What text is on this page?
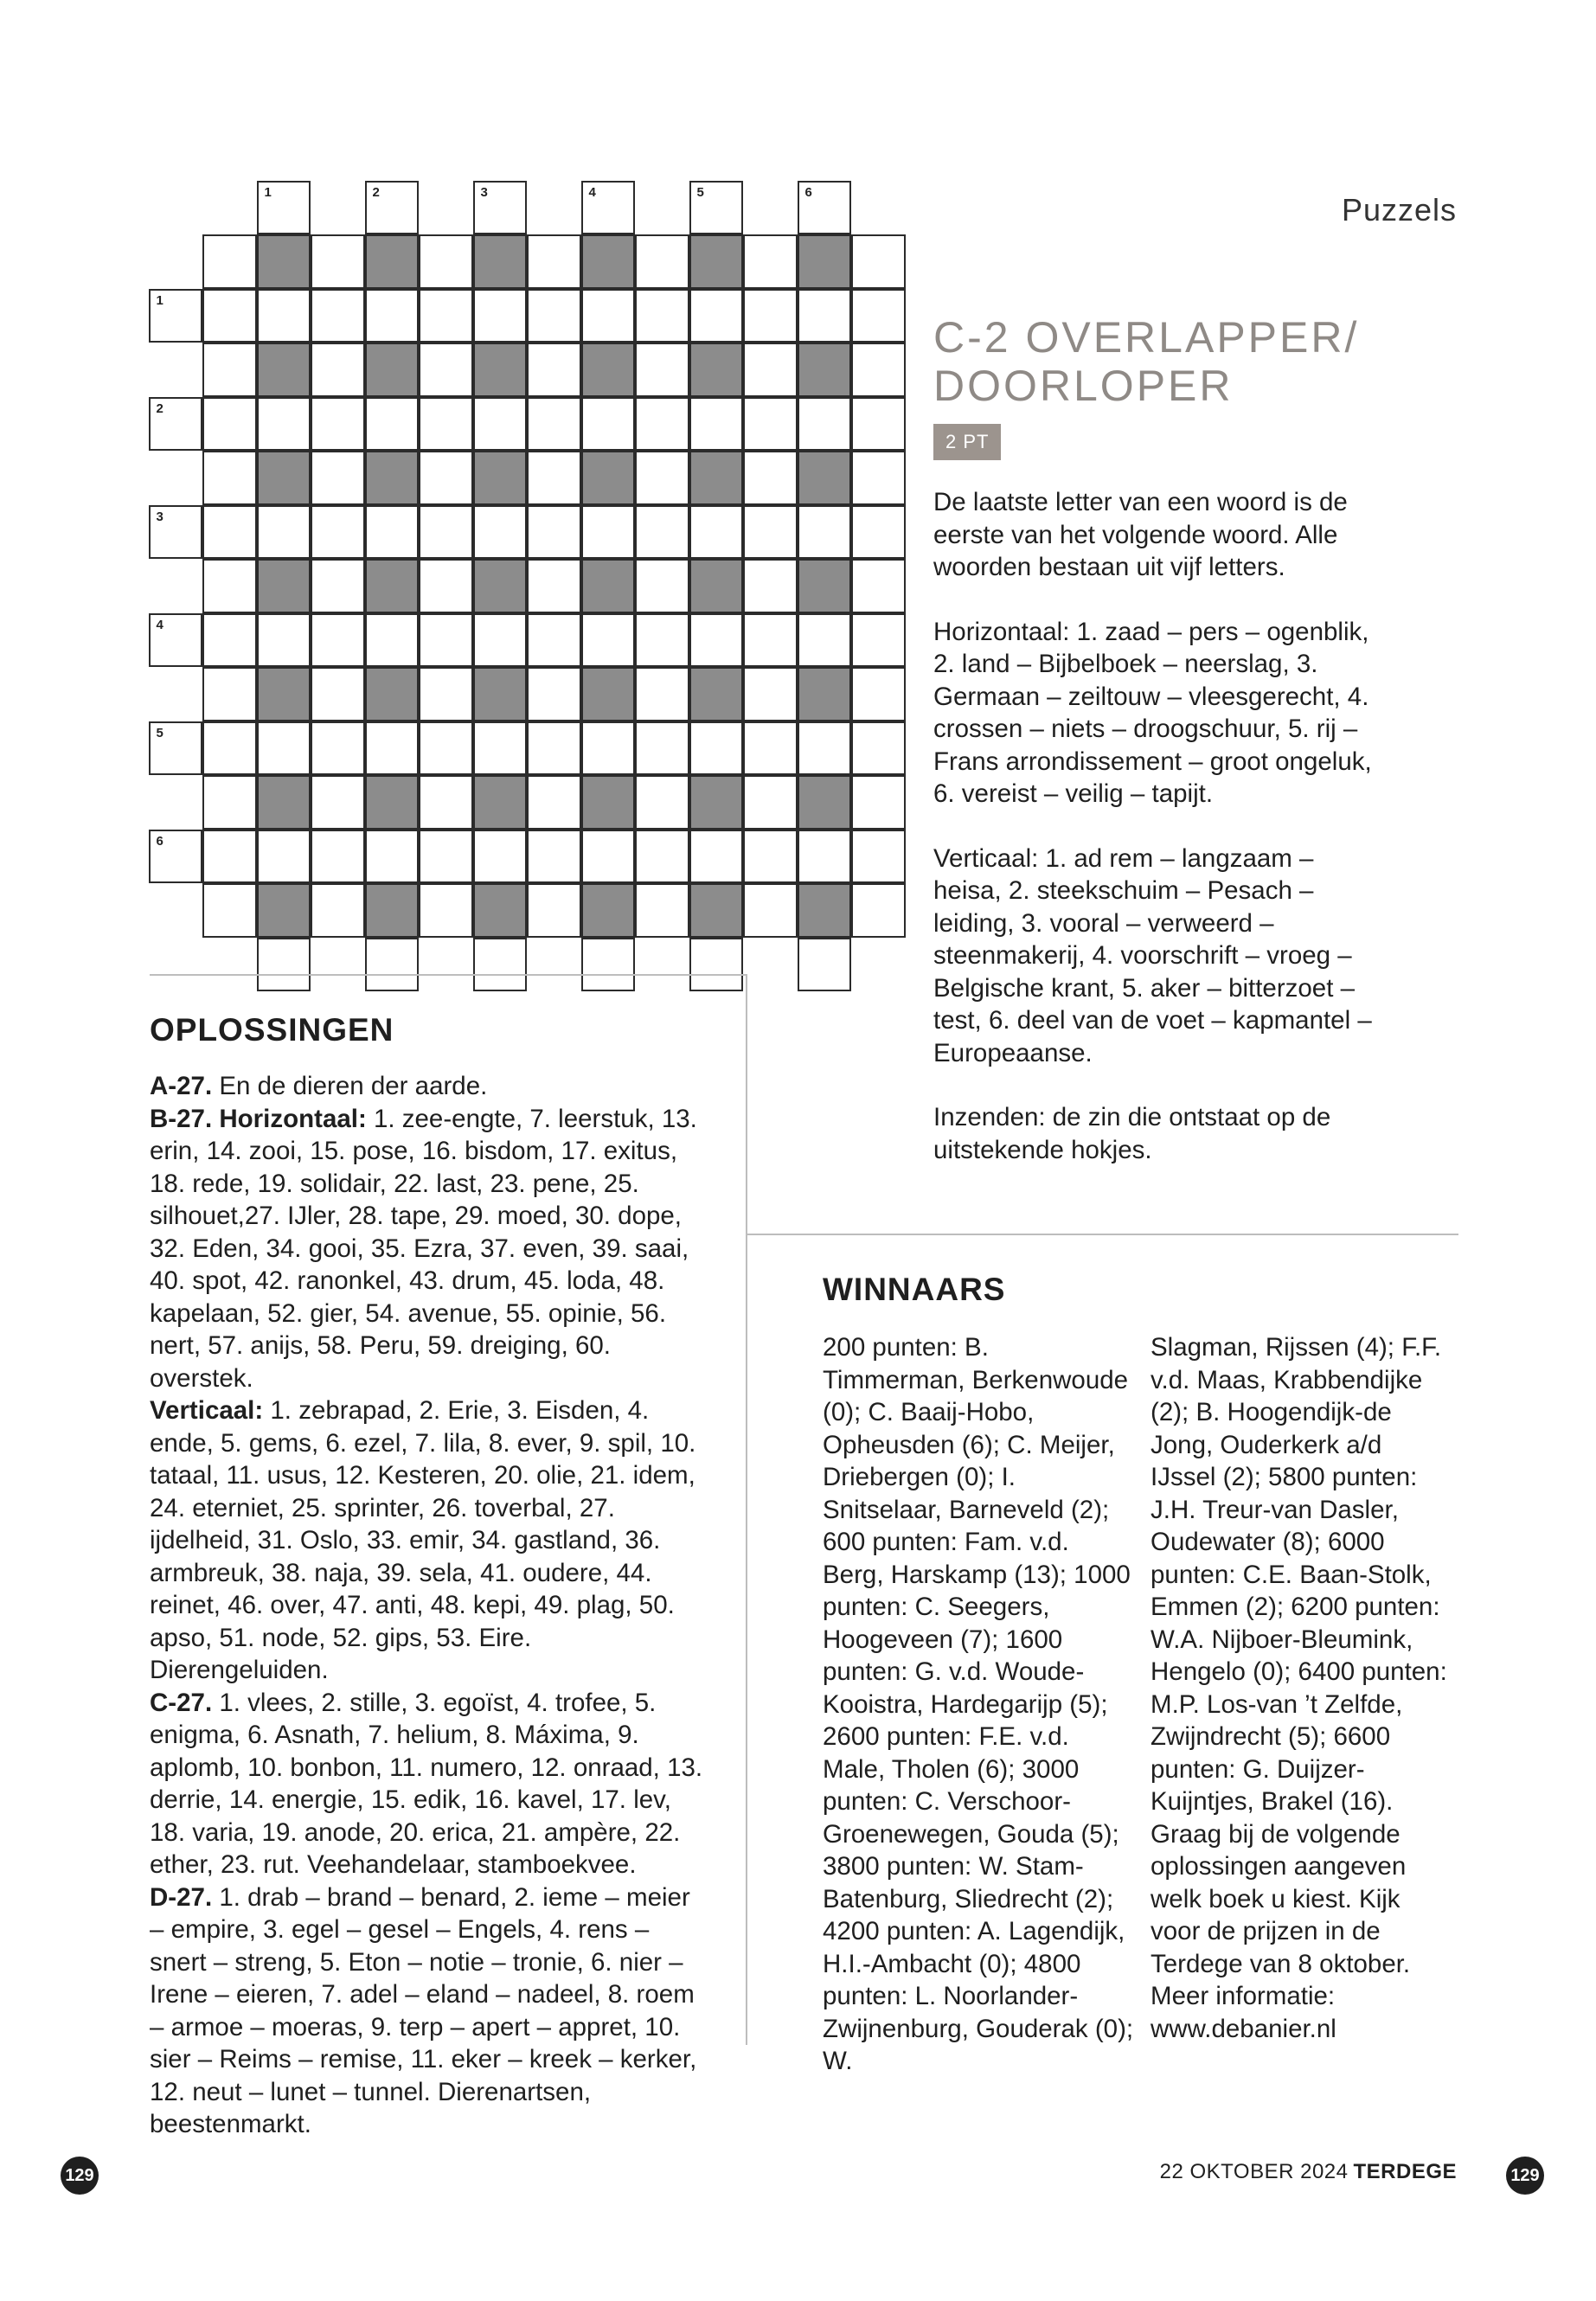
Puzzels
1
2
3
4
5
6
1	2	3	4	5	6
C-2 OVERLAPPER/
DOORLOPER
2 PT

De laatste letter van een woord is de eerste van het volgende woord. Alle woorden bestaan uit vijf letters.

Horizontaal: 1. zaad – pers – ogenblik, 2. land – Bijbelboek – neerslag, 3. Germaan – zeiltouw – vleesgerecht, 4. crossen – niets – droogschuur, 5. rij – Frans arrondissement – groot ongeluk, 6. vereist – veilig – tapijt.

Verticaal: 1. ad rem – langzaam – heisa, 2. steekschuim – Pesach – leiding, 3. vooral – verweerd – steenmakerij, 4. voorschrift – vroeg – Belgische krant, 5. aker – bitterzoet – test, 6. deel van de voet – kapmantel – Europeaanse.

Inzenden: de zin die ontstaat op de uitstekende hokjes.

OPLOSSINGEN

A-27. En de dieren der aarde.

B-27. Horizontaal: 1. zee-engte, 7. leerstuk, 13. erin, 14. zooi, 15. pose, 16. bisdom, 17. exitus, 18. rede, 19. solidair, 22. last, 23. pene, 25. silhouet,27. IJler, 28. tape, 29. moed, 30. dope, 32. Eden, 34. gooi, 35. Ezra, 37. even, 39. saai, 40. spot, 42. ranonkel, 43. drum, 45. loda, 48. kapelaan, 52. gier, 54. avenue, 55. opinie, 56. nert, 57. anijs, 58. Peru, 59. dreiging, 60. overstek.

Verticaal: 1. zebrapad, 2. Erie, 3. Eisden, 4. ende, 5. gems, 6. ezel, 7. lila, 8. ever, 9. spil, 10. tataal, 11. usus, 12. Kesteren, 20. olie, 21. idem, 24. eterniet, 25. sprinter, 26. toverbal, 27. ijdelheid, 31. Oslo, 33. emir, 34. gastland, 36. armbreuk, 38. naja, 39. sela, 41. oudere, 44. reinet, 46. over, 47. anti, 48. kepi, 49. plag, 50. apso, 51. node, 52. gips, 53. Eire. Dierengeluiden.

C-27. 1. vlees, 2. stille, 3. egoïst, 4. trofee, 5. enigma, 6. Asnath, 7. helium, 8. Máxima, 9. aplomb, 10. bonbon, 11. numero, 12. onraad, 13. derrie, 14. energie, 15. edik, 16. kavel, 17. lev, 18. varia, 19. anode, 20. erica, 21. ampère, 22. ether, 23. rut. Veehandelaar, stamboekvee.

D-27. 1. drab – brand – benard, 2. ieme – meier – empire, 3. egel – gesel – Engels, 4. rens – snert – streng, 5. Eton – notie – tronie, 6. nier – Irene – eieren, 7. adel – eland – nadeel, 8. roem – armoe – moeras, 9. terp – apert – appret, 10. sier – Reims – remise, 11. eker – kreek – kerker, 12. neut – lunet – tunnel. Dierenartsen, beestenmarkt.

WINNAARS

200 punten: B. Timmerman, Berkenwoude (0); C. Baaij-Hobo, Opheusden (6); C. Meijer, Driebergen (0); I. Snitselaar, Barneveld (2); 600 punten: Fam. v.d. Berg, Harskamp (13); 1000 punten: C. Seegers, Hoogeveen (7); 1600 punten: G. v.d. Woude-Kooistra, Hardegarijp (5); 2600 punten: F.E. v.d. Male, Tholen (6); 3000 punten: C. Verschoor-Groenewegen, Gouda (5); 3800 punten: W. Stam-Batenburg, Sliedrecht (2); 4200 punten: A. Lagendijk, H.I.-Ambacht (0); 4800 punten: L. Noorlander-Zwijnenburg, Gouderak (0); W.

Slagman, Rijssen (4); F.F. v.d. Maas, Krabbendijke (2); B. Hoogendijk-de Jong, Ouderkerk a/d IJssel (2); 5800 punten: J.H. Treur-van Dasler, Oudewater (8); 6000 punten: C.E. Baan-Stolk, Emmen (2); 6200 punten: W.A. Nijboer-Bleumink, Hengelo (0); 6400 punten: M.P. Los-van ’t Zelfde, Zwijndrecht (5); 6600 punten: G. Duijzer-Kuijntjes, Brakel (16).

Graag bij de volgende oplossingen aangeven welk boek u kiest. Kijk voor de prijzen in de Terdege van 8 oktober. Meer informatie: www.debanier.nl

129	22 OKTOBER 2024 TERDEGE	129
